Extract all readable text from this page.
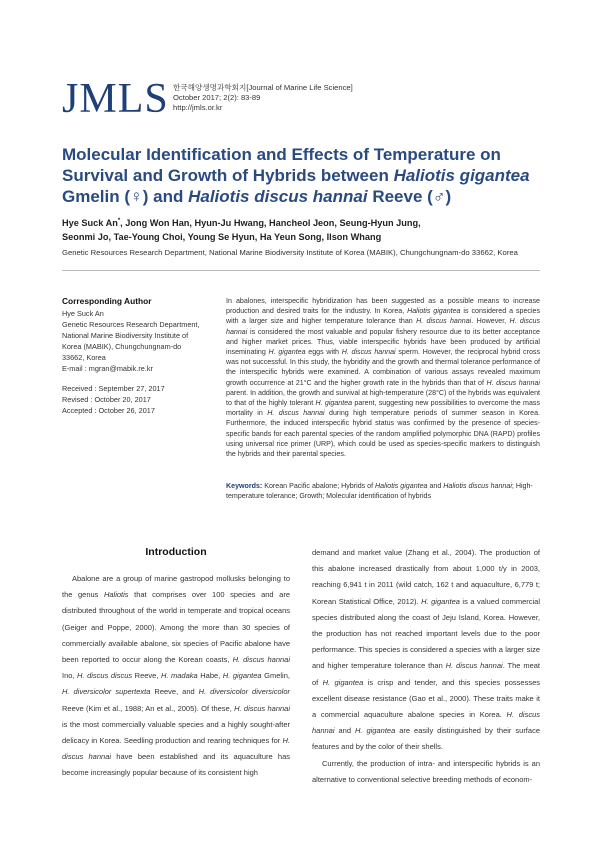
JMLS 한국해양생명과학회지[Journal of Marine Life Science]
October 2017; 2(2): 83-89
http://jmls.or.kr
Molecular Identification and Effects of Temperature on Survival and Growth of Hybrids between Haliotis gigantea Gmelin (♀) and Haliotis discus hannai Reeve (♂)
Hye Suck An*, Jong Won Han, Hyun-Ju Hwang, Hancheol Jeon, Seung-Hyun Jung,
Seonmi Jo, Tae-Young Choi, Young Se Hyun, Ha Yeun Song, Ilson Whang
Genetic Resources Research Department, National Marine Biodiversity Institute of Korea (MABIK), Chungchungnam-do 33662, Korea
Corresponding Author
Hye Suck An
Genetic Resources Research Department,
National Marine Biodiversity Institute of
Korea (MABIK), Chungchungnam-do
33662, Korea
E-mail : mgran@mabik.re.kr
Received : September 27, 2017
Revised : October 20, 2017
Accepted : October 26, 2017
In abalones, interspecific hybridization has been suggested as a possible means to increase production and desired traits for the industry. In Korea, Haliotis gigantea is considered a species with a larger size and higher temperature tolerance than H. discus hannai. However, H. discus hannai is considered the most valuable and popular fishery resource due to its better acceptance and higher market prices. Thus, viable interspecific hybrids have been produced by artificial inseminating H. gigantea eggs with H. discus hannai sperm. However, the reciprocal hybrid cross was not successful. In this study, the hybridity and the growth and thermal tolerance performance of the interspecific hybrids were examined. A combination of various assays revealed maximum growth occurrence at 21°C and the higher growth rate in the hybrids than that of H. discus hannai parent. In addition, the growth and survival at high-temperature (28°C) of the hybrids was equivalent to that of the highly tolerant H. gigantea parent, suggesting new possibilities to overcome the mass mortality in H. discus hannai during high temperature periods of summer season in Korea. Furthermore, the induced interspecific hybrid status was confirmed by the presence of species-specific bands for each parental species of the random amplified polymorphic DNA (RAPD) profiles using universal rice primer (URP), which could be used as species-specific markers to distinguish the hybrids and their parental species.
Keywords: Korean Pacific abalone; Hybrids of Haliotis gigantea and Haliotis discus hannai; High-temperature tolerance; Growth; Molecular identification of hybrids
Introduction

Abalone are a group of marine gastropod mollusks belonging to the genus Haliotis that comprises over 100 species and are distributed throughout of the world in temperate and tropical oceans (Geiger and Poppe, 2000). Among the more than 30 species of commercially available abalone, six species of Pacific abalone have been reported to occur along the Korean coasts, H. discus hannai Ino, H. discus discus Reeve, H. madaka Habe, H. gigantea Gmelin, H. diversicolor supertexta Reeve, and H. diversicolor diversicolor Reeve (Kim et al., 1988; An et al., 2005). Of these, H. discus hannai is the most commercially valuable species and a highly sought-after delicacy in Korea. Seedling production and rearing techniques for H. discus hannai have been established and its aquaculture has become increasingly popular because of its consistent high

demand and market value (Zhang et al., 2004). The production of this abalone increased drastically from about 1,000 t/y in 2003, reaching 6,941 t in 2011 (wild catch, 162 t and aquaculture, 6,779 t; Korean Statistical Office, 2012). H. gigantea is a valued commercial species distributed along the coast of Jeju Island, Korea. However, the production has not reached important levels due to the poor performance. This species is considered a species with a larger size and higher temperature tolerance than H. discus hannai. The meat of H. gigantea is crisp and tender, and this species possesses excellent disease resistance (Gao et al., 2000). These traits make it a commercial aquaculture abalone species in Korea. H. discus hannai and H. gigantea are easily distinguished by their surface features and by the color of their shells.

Currently, the production of intra- and interspecific hybrids is an alternative to conventional selective breeding methods of econom-
